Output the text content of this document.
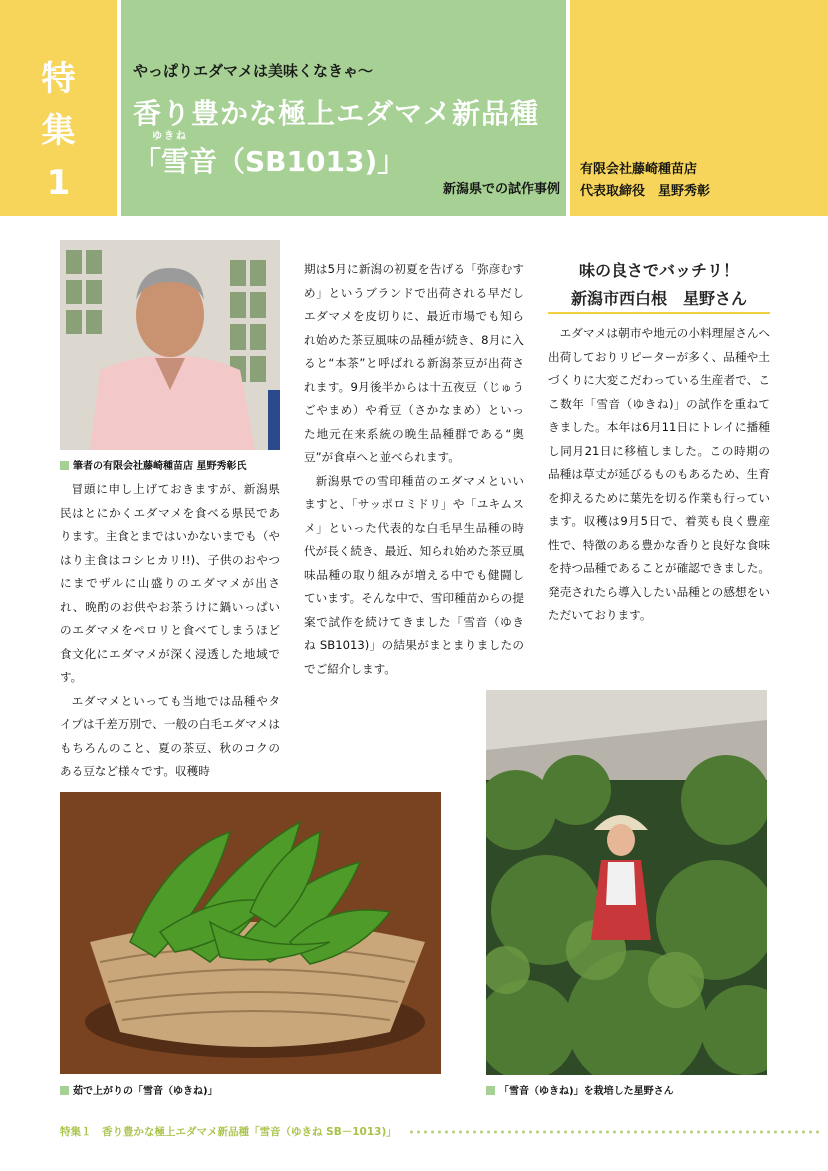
特
集
1
やっぱりエダマメは美味くなきゃ～
香り豊かな極上エダマメ新品種
ゆきね
「雪音（SB1013)」
新潟県での試作事例
有限会社藤崎種苗店
代表取締役　星野秀彰
筆者の有限会社藤崎種苗店 星野秀彰氏

冒頭に申し上げておきますが、新潟県民はとにかくエダマメを食べる県民であります。主食とまではいかないまでも（やはり主食はコシヒカリ!!)、子供のおやつにまでザルに山盛りのエダマメが出され、晩酌のお供やお茶うけに鍋いっぱいのエダマメをペロリと食べてしまうほど食文化にエダマメが深く浸透した地域です。

エダマメといっても当地では品種やタイプは千差万別で、一般の白毛エダマメはもちろんのこと、夏の茶豆、秋のコクのある豆など様々です。収穫時

期は5月に新潟の初夏を告げる「弥彦むすめ」というブランドで出荷される早だしエダマメを皮切りに、最近市場でも知られ始めた茶豆風味の品種が続き、8月に入ると“本茶”と呼ばれる新潟茶豆が出荷されます。9月後半からは十五夜豆（じゅうごやまめ）や肴豆（さかなまめ）といった地元在来系統の晩生品種群である“奥豆”が食卓へと並べられます。

新潟県での雪印種苗のエダマメといいますと、「サッポロミドリ」や「ユキムスメ」といった代表的な白毛早生品種の時代が長く続き、最近、知られ始めた茶豆風味品種の取り組みが増える中でも健闘しています。そんな中で、雪印種苗からの提案で試作を続けてきました「雪音（ゆきね SB1013)」の結果がまとまりましたのでご紹介します。

味の良さでバッチリ！
新潟市西白根　星野さん

エダマメは朝市や地元の小料理屋さんへ出荷しておりリピーターが多く、品種や土づくりに大変こだわっている生産者で、ここ数年「雪音（ゆきね)」の試作を重ねてきました。本年は6月11日にトレイに播種し同月21日に移植しました。この時期の品種は草丈が延びるものもあるため、生育を抑えるために葉先を切る作業も行っています。収穫は9月5日で、着莢も良く豊産性で、特徴のある豊かな香りと良好な食味を持つ品種であることが確認できました。発売されたら導入したい品種との感想をいただいております。

茹で上がりの「雪音（ゆきね)」	「雪音（ゆきね)」を栽培した星野さん
特集１　香り豊かな極上エダマメ新品種「雪音（ゆきね SB－1013)」
